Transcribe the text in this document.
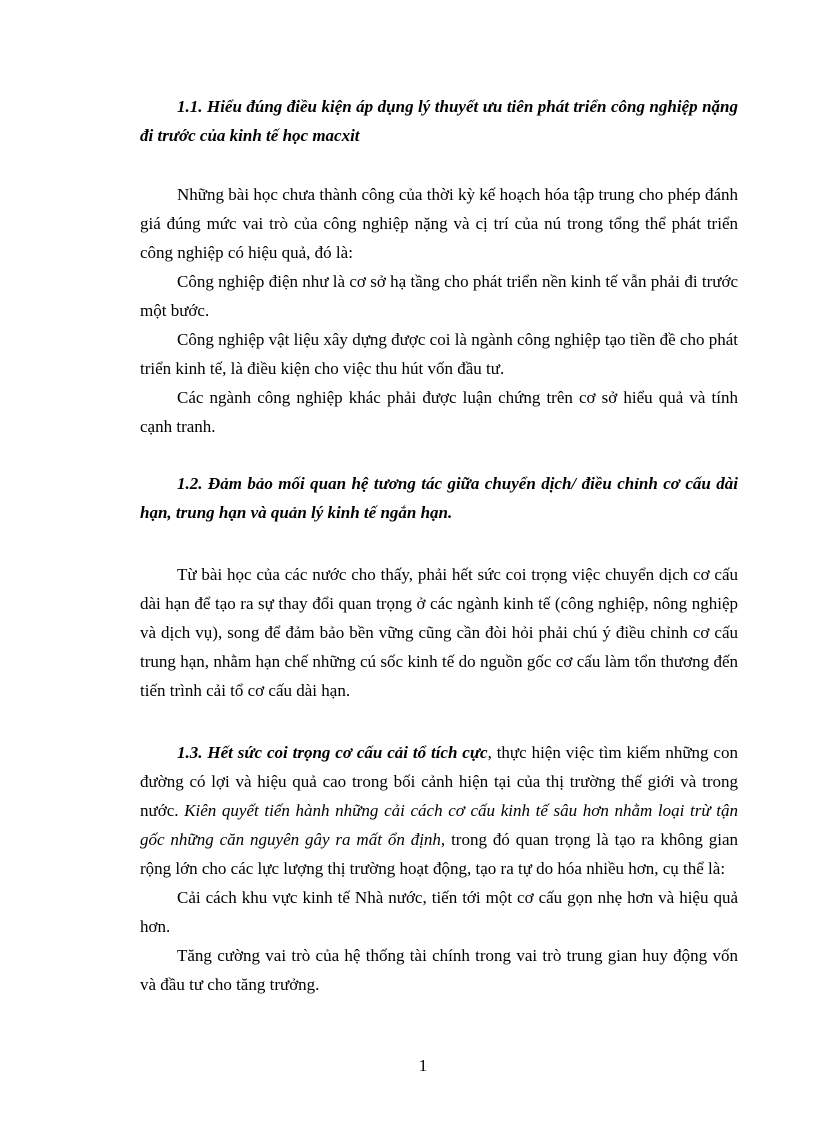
1.1. Hiểu đúng điều kiện áp dụng lý thuyết ưu tiên phát triển công nghiệp nặng đi trước của kinh tế học macxit

Những bài học chưa thành công của thời kỳ kế hoạch hóa tập trung cho phép đánh giá đúng mức vai trò của công nghiệp nặng và cị trí của nú trong tổng thể phát triển công nghiệp có hiệu quả, đó là:

Công nghiệp điện như là cơ sở hạ tầng cho phát triển nền kinh tế vẫn phải đi trước một bước.

Công nghiệp vật liệu xây dựng được coi là ngành công nghiệp tạo tiền đề cho phát triển kinh tế, là điều kiện cho việc thu hút vốn đầu tư.

Các ngành công nghiệp khác phải được luận chứng trên cơ sở hiểu quả và tính cạnh tranh.

1.2. Đảm bảo mối quan hệ tương tác giữa chuyển dịch/ điều chỉnh cơ cấu dài hạn, trung hạn và quản lý kinh tế ngắn hạn.

Từ bài học của các nước cho thấy, phải hết sức coi trọng việc chuyển dịch cơ cấu dài hạn để tạo ra sự thay đổi quan trọng ở các ngành kinh tế (công nghiệp, nông nghiệp và dịch vụ), song để đảm bảo bền vững cũng cần đòi hỏi phải chú ý điều chỉnh cơ cấu trung hạn, nhằm hạn chế những cú sốc kinh tế do nguồn gốc cơ cấu làm tổn thương đến tiến trình cải tổ cơ cấu dài hạn.

1.3. Hết sức coi trọng cơ cấu cải tổ tích cực, thực hiện việc tìm kiếm những con đường có lợi và hiệu quả cao trong bối cảnh hiện tại của thị trường thế giới và trong nước. Kiên quyết tiến hành những cải cách cơ cấu kinh tế sâu hơn nhằm loại trừ tận gốc những căn nguyên gây ra mất ổn định, trong đó quan trọng là tạo ra không gian rộng lớn cho các lực lượng thị trường hoạt động, tạo ra tự do hóa nhiều hơn, cụ thể là:

Cải cách khu vực kinh tế Nhà nước, tiến tới một cơ cấu gọn nhẹ hơn và hiệu quả hơn.

Tăng cường vai trò của hệ thống tài chính trong vai trò trung gian huy động vốn và đầu tư cho tăng trưởng.

1
